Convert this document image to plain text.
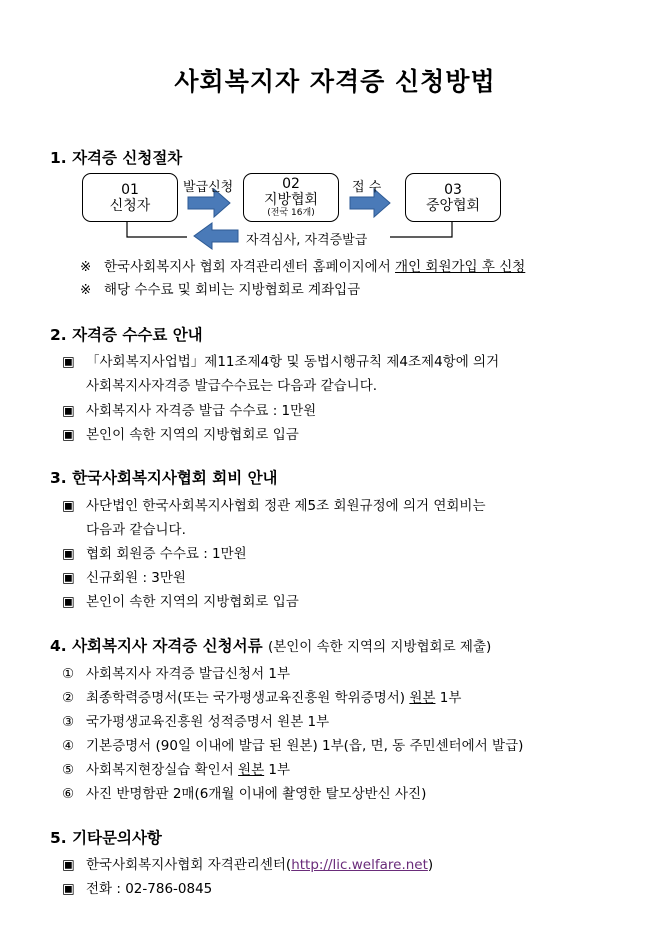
사회복지자 자격증 신청방법
1. 자격증 신청절차
01
신청자
02
지방협회
(전국 16개)
03
중앙협회
발급신청	접 수
자격심사, 자격증발급
※ 한국사회복지사 협회 자격관리센터 홈페이지에서 개인 회원가입 후 신청
※ 해당 수수료 및 회비는 지방협회로 계좌입금
2. 자격증 수수료 안내
▣ 「사회복지사업법」제11조제4항 및 동법시행규칙 제4조제4항에 의거
사회복지사자격증 발급수수료는 다음과 같습니다.
▣ 사회복지사 자격증 발급 수수료 : 1만원
▣ 본인이 속한 지역의 지방협회로 입금
3. 한국사회복지사협회 회비 안내
▣ 사단법인 한국사회복지사협회 정관 제5조 회원규정에 의거 연회비는
다음과 같습니다.
▣ 협회 회원증 수수료 : 1만원
▣ 신규회원 : 3만원
▣ 본인이 속한 지역의 지방협회로 입금
4. 사회복지사 자격증 신청서류 (본인이 속한 지역의 지방협회로 제출)
① 사회복지사 자격증 발급신청서 1부
② 최종학력증명서(또는 국가평생교육진흥원 학위증명서) 원본 1부
③ 국가평생교육진흥원 성적증명서 원본 1부
④ 기본증명서 (90일 이내에 발급 된 원본) 1부(읍, 면, 동 주민센터에서 발급)
⑤ 사회복지현장실습 확인서 원본 1부
⑥ 사진 반명함판 2매(6개월 이내에 촬영한 탈모상반신 사진)
5. 기타문의사항
▣ 한국사회복지사협회 자격관리센터(http://lic.welfare.net)
▣ 전화 : 02-786-0845
